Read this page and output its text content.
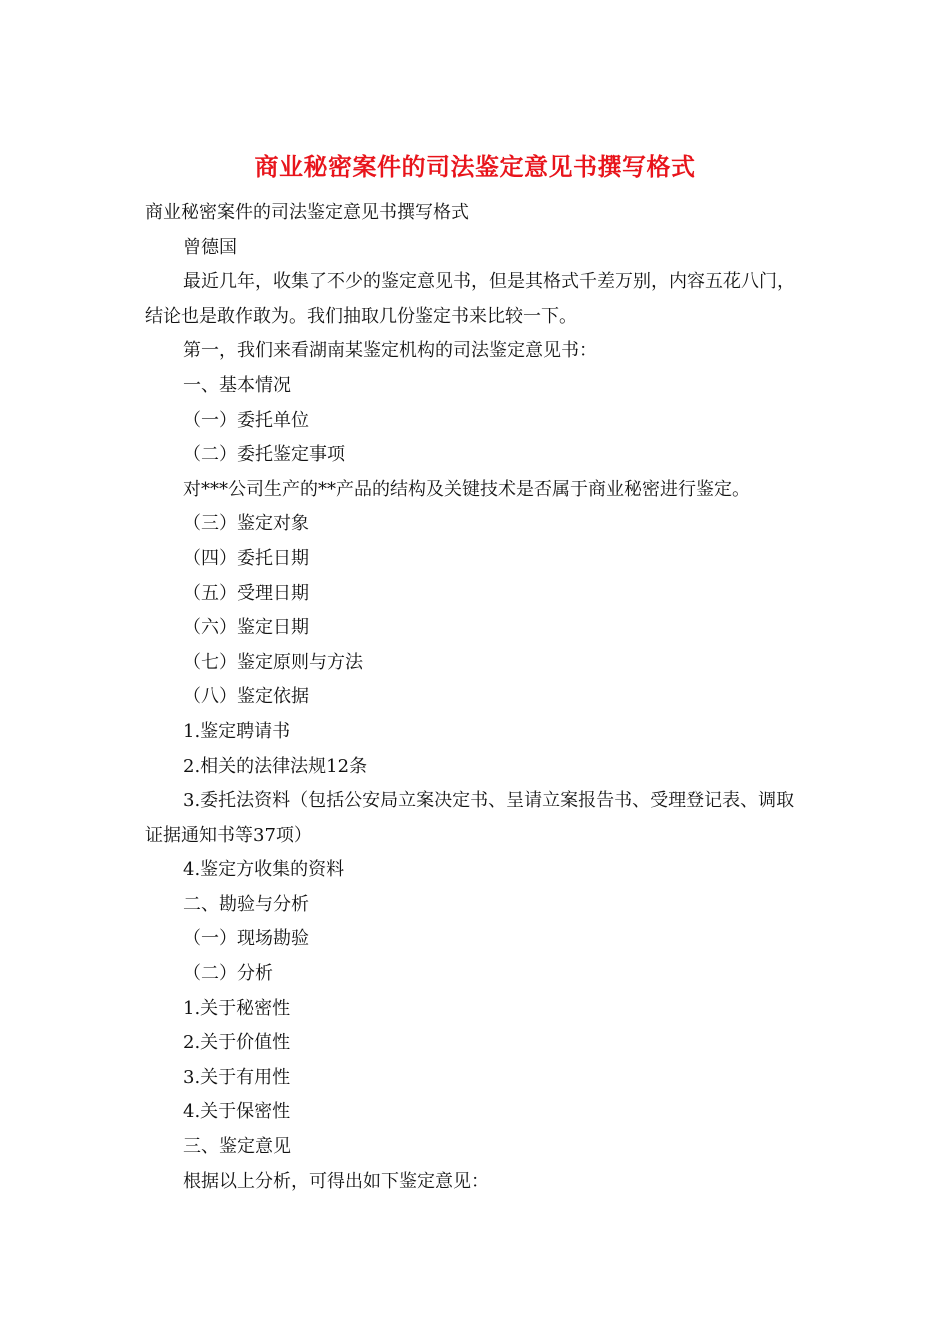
商业秘密案件的司法鉴定意见书撰写格式

商业秘密案件的司法鉴定意见书撰写格式

曾德国

最近几年，收集了不少的鉴定意见书，但是其格式千差万别，内容五花八门，结论也是敢作敢为。我们抽取几份鉴定书来比较一下。

第一，我们来看湖南某鉴定机构的司法鉴定意见书：

一、基本情况

（一）委托单位

（二）委托鉴定事项

对***公司生产的**产品的结构及关键技术是否属于商业秘密进行鉴定。

（三）鉴定对象

（四）委托日期

（五）受理日期

（六）鉴定日期

（七）鉴定原则与方法

（八）鉴定依据

1.鉴定聘请书

2.相关的法律法规12条

3.委托法资料（包括公安局立案决定书、呈请立案报告书、受理登记表、调取证据通知书等37项）

4.鉴定方收集的资料

二、勘验与分析

（一）现场勘验

（二）分析

1.关于秘密性

2.关于价值性

3.关于有用性

4.关于保密性

三、鉴定意见

根据以上分析，可得出如下鉴定意见：
